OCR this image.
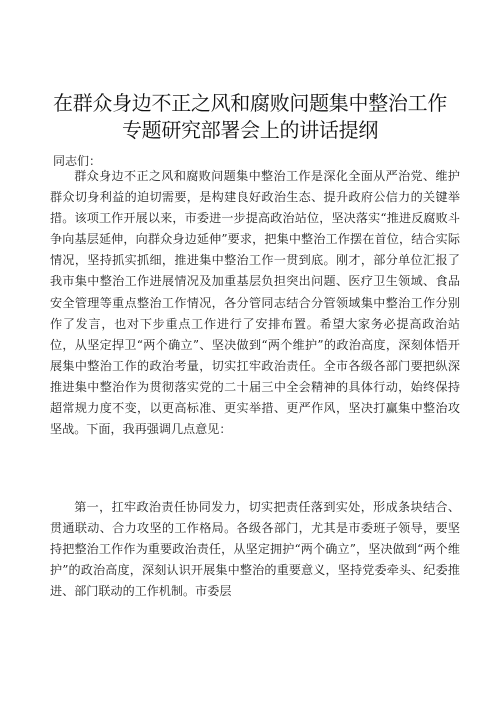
在群众身边不正之风和腐败问题集中整治工作
专题研究部署会上的讲话提纲
同志们：

群众身边不正之风和腐败问题集中整治工作是深化全面从严治党、维护群众切身利益的迫切需要，是构建良好政治生态、提升政府公信力的关键举措。该项工作开展以来，市委进一步提高政治站位，坚决落实“推进反腐败斗争向基层延伸，向群众身边延伸”要求，把集中整治工作摆在首位，结合实际情况，坚持抓实抓细，推进集中整治工作一贯到底。刚才，部分单位汇报了我市集中整治工作进展情况及加重基层负担突出问题、医疗卫生领域、食品安全管理等重点整治工作情况，各分管同志结合分管领域集中整治工作分别作了发言，也对下步重点工作进行了安排布置。希望大家务必提高政治站位，从坚定捍卫“两个确立”、坚决做到“两个维护”的政治高度，深刻体悟开展集中整治工作的政治考量，切实扛牢政治责任。全市各级各部门要把纵深推进集中整治作为贯彻落实党的二十届三中全会精神的具体行动，始终保持超常规力度不变，以更高标准、更实举措、更严作风，坚决打赢集中整治攻坚战。下面，我再强调几点意见：

第一，扛牢政治责任协同发力，切实把责任落到实处，形成条块结合、贯通联动、合力攻坚的工作格局。各级各部门，尤其是市委班子领导，要坚持把整治工作作为重要政治责任，从坚定拥护“两个确立”，坚决做到“两个维护”的政治高度，深刻认识开展集中整治的重要意义，坚持党委牵头、纪委推进、部门联动的工作机制。市委层
